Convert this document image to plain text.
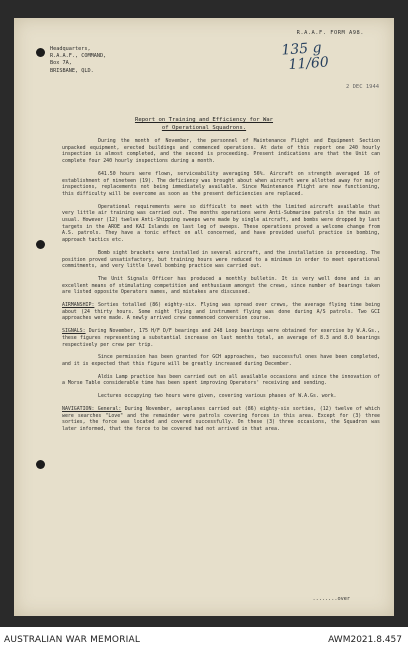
R.A.A.F. FORM A98.
135 g
11/60
2 DEC 1944
Headquarters,
R.A.A.F., COMMAND,
Box 7A,
BRISBANE, QLD.
Report on Training and Efficiency for War
of Operational Squadrons.
During the month of November, the personnel of Maintenance Flight and Equipment Section unpacked equipment, erected buildings and commenced operations. At date of this report one 240 hourly inspection is almost completed, and the second is proceeding. Present indications are that the Unit can complete four 240 hourly inspections during a month.
641.50 hours were flown, serviceability averaging 56%. Aircraft on strength averaged 16 of establishment of nineteen (19). The deficiency was brought about when aircraft were allotted away for major inspections, replacements not being immediately available. Since Maintenance Flight are now functioning, this difficulty will be overcome as soon as the present deficiencies are replaced.
Operational requirements were so difficult to meet with the limited aircraft available that very little air training was carried out. The months operations were Anti-Submarine patrols in the main as usual. However (12) twelve Anti-Shipping sweeps were made by single aircraft, and bombs were dropped by last targets in the AROE and KAI Islands on last leg of sweeps. These operations proved a welcome change from A.S. patrols. They have a tonic effect on all concerned, and have provided useful practice in bombing, approach tactics etc.
Bomb sight brackets were installed in several aircraft, and the installation is proceeding. The position proved unsatisfactory, but training hours were reduced to a minimum in order to meet operational commitments, and very little level bombing practice was carried out.
The Unit Signals Officer has produced a monthly bulletin. It is very well done and is an excellent means of stimulating competition and enthusiasm amongst the crews, since number of bearings taken are listed opposite Operators names, and mistakes are discussed.
AIRMANSHIP: Sorties totalled (86) eighty-six. Flying was spread over crews, the average flying time being about (24 thirty hours. Some night flying and instrument flying was done during A/S patrols. Two GCI approaches were made. A newly arrived crew commenced conversion course.
SIGNALS: During November, 175 H/F D/F bearings and 248 Loop bearings were obtained for exercise by W.A.Gs., these figures representing a substantial increase on last months total, an average of 8.3 and 8.0 bearings respectively per crew per trip.
Since permission has been granted for GCH approaches, two successful ones have been completed, and it is expected that this figure will be greatly increased during December.
Aldis Lamp practice has been carried out on all available occasions and since the innovation of a Morse Table considerable time has been spent improving Operators' receiving and sending.
Lectures occupying two hours were given, covering various phases of W.A.Gs. work.
NAVIGATION: General: During November, aeroplanes carried out (86) eighty-six sorties, (12) twelve of which were searches "Love" and the remainder were patrols covering forces in this area. Except for (3) three sorties, the force was located and covered successfully. On these (3) three occasions, the Squadron was later informed, that the force to be covered had not arrived in that area.
........over
AUSTRALIAN WAR MEMORIAL	AWM2021.8.457
